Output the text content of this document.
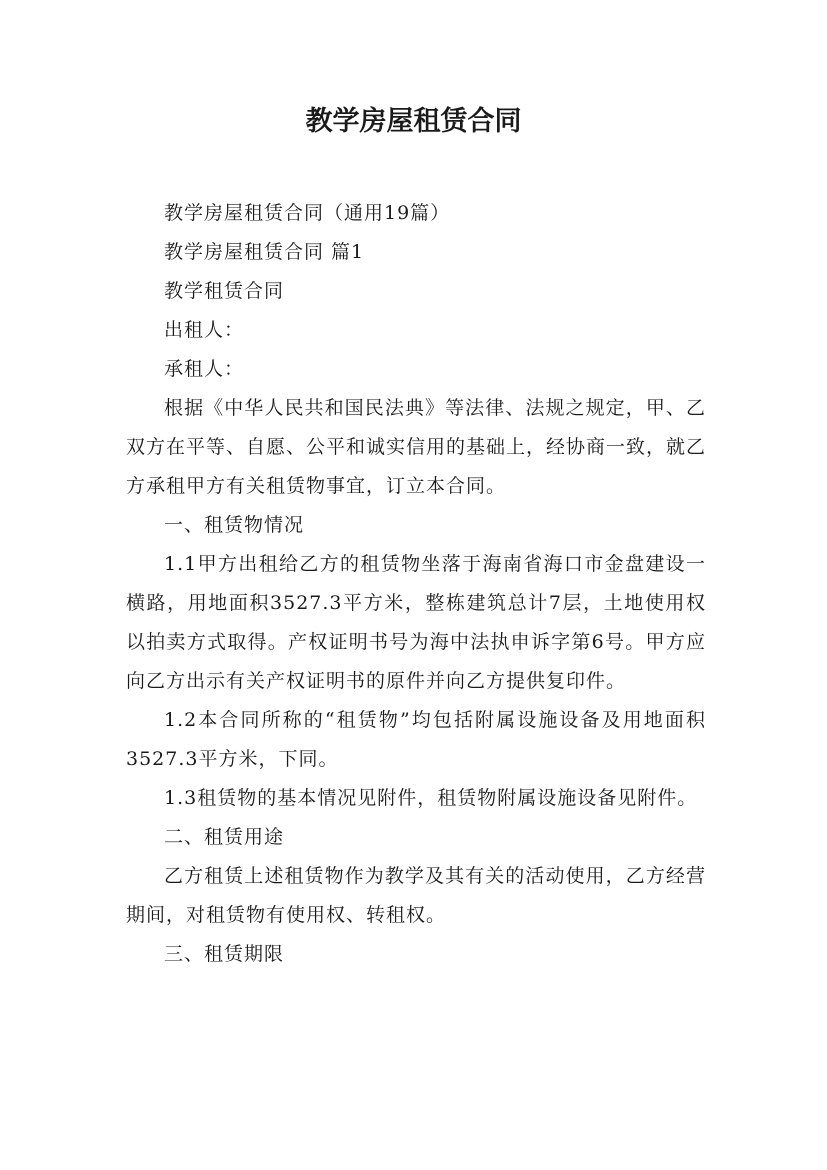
教学房屋租赁合同

教学房屋租赁合同（通用19篇）

教学房屋租赁合同 篇1

教学租赁合同

出租人：

承租人：

根据《中华人民共和国民法典》等法律、法规之规定，甲、乙双方在平等、自愿、公平和诚实信用的基础上，经协商一致，就乙方承租甲方有关租赁物事宜，订立本合同。

一、租赁物情况

1.1甲方出租给乙方的租赁物坐落于海南省海口市金盘建设一横路，用地面积3527.3平方米，整栋建筑总计7层，土地使用权以拍卖方式取得。产权证明书号为海中法执申诉字第6号。甲方应向乙方出示有关产权证明书的原件并向乙方提供复印件。

1.2本合同所称的“租赁物”均包括附属设施设备及用地面积3527.3平方米，下同。

1.3租赁物的基本情况见附件，租赁物附属设施设备见附件。

二、租赁用途

乙方租赁上述租赁物作为教学及其有关的活动使用，乙方经营期间，对租赁物有使用权、转租权。

三、租赁期限
